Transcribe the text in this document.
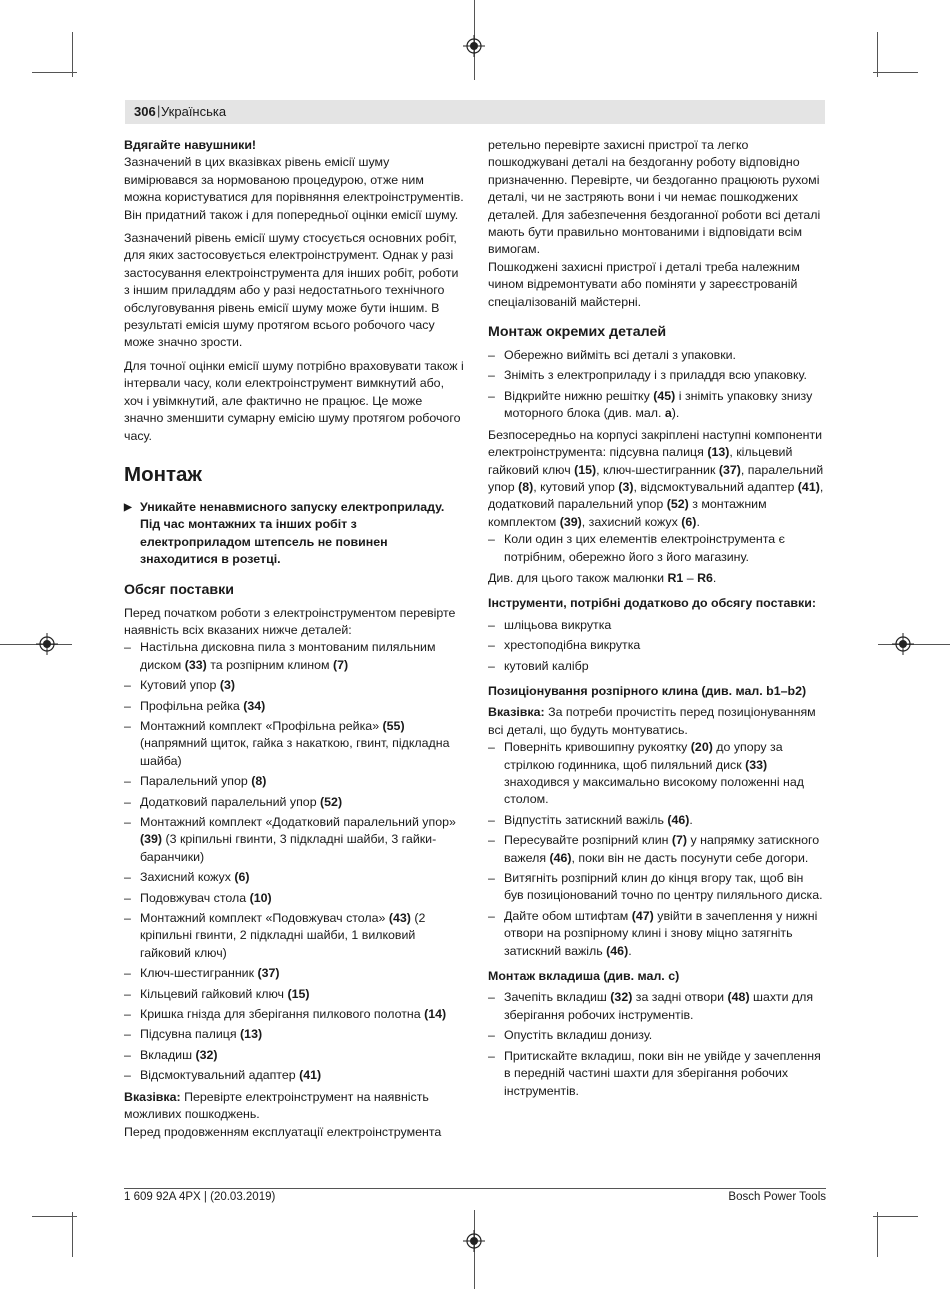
306 | Українська

Вдягайте навушники!

Зазначений в цих вказівках рівень емісії шуму вимірювався за нормованою процедурою, отже ним можна користуватися для порівняння електроінструментів. Він придатний також і для попередньої оцінки емісії шуму.

Зазначений рівень емісії шуму стосується основних робіт, для яких застосовується електроінструмент. Однак у разі застосування електроінструмента для інших робіт, роботи з іншим приладдям або у разі недостатнього технічного обслуговування рівень емісії шуму може бути іншим. В результаті емісія шуму протягом всього робочого часу може значно зрости.

Для точної оцінки емісії шуму потрібно враховувати також і інтервали часу, коли електроінструмент вимкнутий або, хоч і увімкнутий, але фактично не працює. Це може значно зменшити сумарну емісію шуму протягом робочого часу.

Монтаж
▶ Уникайте ненавмисного запуску електроприладу. Під час монтажних та інших робіт з електроприладом штепсель не повинен знаходитися в розетці.
Обсяг поставки

Перед початком роботи з електроінструментом перевірте наявність всіх вказаних нижче деталей:

– Настільна дисковна пила з монтованим пиляльним диском (33) та розпірним клином (7)
– Кутовий упор (3)
– Профільна рейка (34)
– Монтажний комплект «Профільна рейка» (55) (напрямний щиток, гайка з накаткою, гвинт, підкладна шайба)
– Паралельний упор (8)
– Додатковий паралельний упор (52)
– Монтажний комплект «Додатковий паралельний упор» (39) (3 кріпильні гвинти, 3 підкладні шайби, 3 гайки-баранчики)
– Захисний кожух (6)
– Подовжувач стола (10)
– Монтажний комплект «Подовжувач стола» (43) (2 кріпильні гвинти, 2 підкладні шайби, 1 вилковий гайковий ключ)
– Ключ-шестигранник (37)
– Кільцевий гайковий ключ (15)
– Кришка гнізда для зберігання пилкового полотна (14)
– Підсувна палиця (13)
– Вкладиш (32)
– Відсмоктувальний адаптер (41)

Вказівка: Перевірте електроінструмент на наявність можливих пошкоджень.

Перед продовженням експлуатації електроінструмента

ретельно перевірте захисні пристрої та легко пошкоджувані деталі на бездоганну роботу відповідно призначенню. Перевірте, чи бездоганно працюють рухомі деталі, чи не застряють вони і чи немає пошкоджених деталей. Для забезпечення бездоганної роботи всі деталі мають бути правильно монтованими і відповідати всім вимогам.

Пошкоджені захисні пристрої і деталі треба належним чином відремонтувати або поміняти у зареєстрованій спеціалізованій майстерні.

Монтаж окремих деталей
– Обережно вийміть всі деталі з упаковки.
– Зніміть з електроприладу і з приладдя всю упаковку.
– Відкрийте нижню решітку (45) і зніміть упаковку знизу моторного блока (див. мал. a).

Безпосередньо на корпусі закріплені наступні компоненти електроінструмента: підсувна палиця (13), кільцевий гайковий ключ (15), ключ-шестигранник (37), паралельний упор (8), кутовий упор (3), відсмоктувальний адаптер (41), додатковий паралельний упор (52) з монтажним комплектом (39), захисний кожух (6).

– Коли один з цих елементів електроінструмента є потрібним, обережно його з його магазину.

Див. для цього також малюнки R1 – R6.

Інструменти, потрібні додатково до обсягу поставки:
– шліцьова викрутка
– хрестоподібна викрутка
– кутовий калібр
Позиціонування розпірного клина (див. мал. b1–b2)

Вказівка: За потреби прочистіть перед позиціонуванням всі деталі, що будуть монтуватись.

– Поверніть кривошипну рукоятку (20) до упору за стрілкою годинника, щоб пиляльний диск (33) знаходився у максимально високому положенні над столом.
– Відпустіть затискний важіль (46).
– Пересувайте розпірний клин (7) у напрямку затискного важеля (46), поки він не дасть посунути себе догори.
– Витягніть розпірний клин до кінця вгору так, щоб він був позиціонований точно по центру пиляльного диска.
– Дайте обом штифтам (47) увійти в зачеплення у нижні отвори на розпірному клині і знову міцно затягніть затискний важіль (46).
Монтаж вкладиша (див. мал. c)
– Зачепіть вкладиш (32) за задні отвори (48) шахти для зберігання робочих інструментів.
– Опустіть вкладиш донизу.
– Притискайте вкладиш, поки він не увійде у зачеплення в передній частині шахти для зберігання робочих інструментів.
1 609 92A 4PX | (20.03.2019)	Bosch Power Tools
